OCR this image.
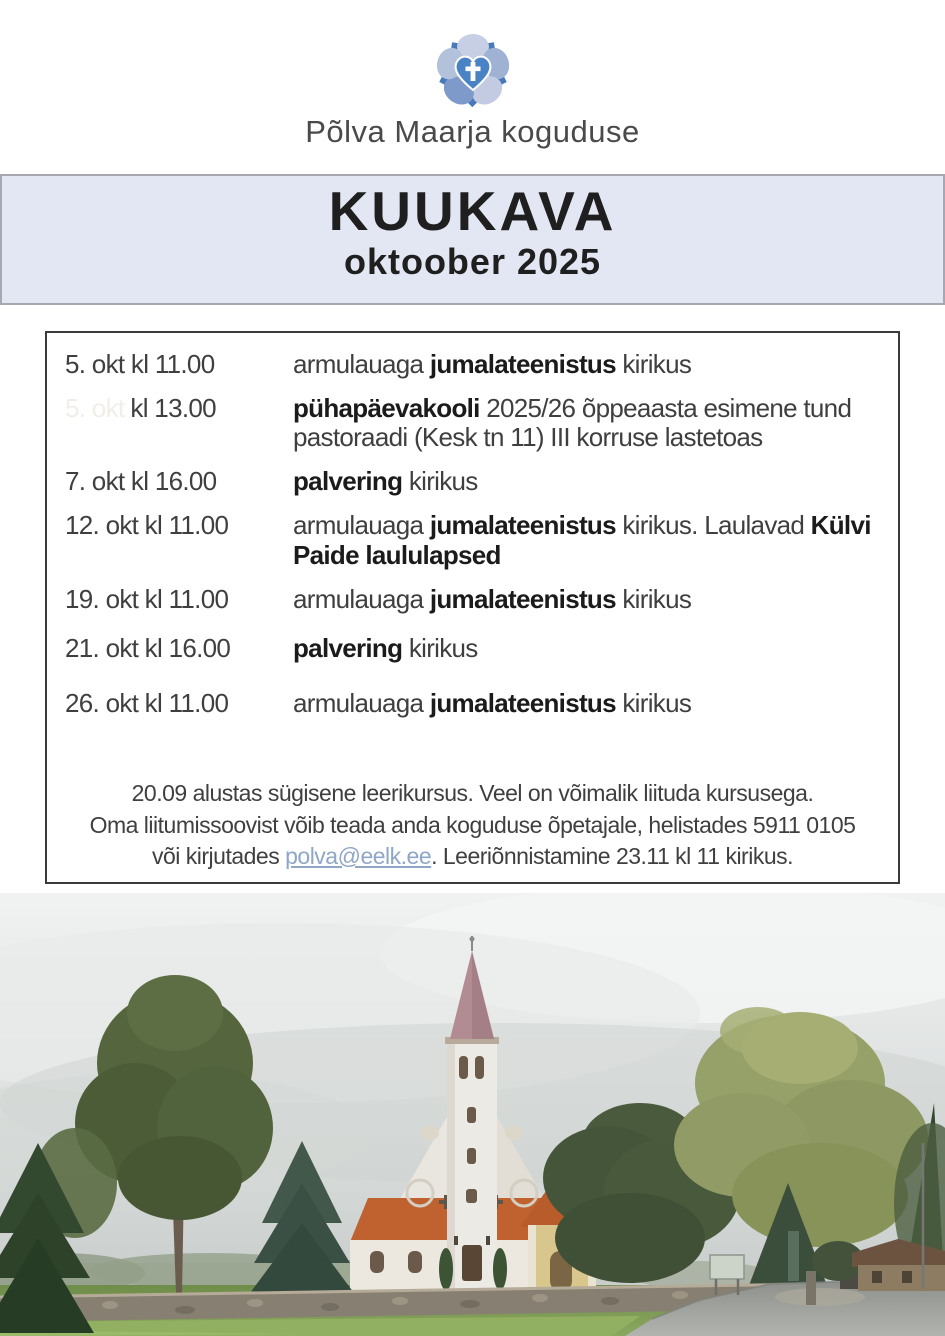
Põlva Maarja koguduse
KUUKAVA
oktoober 2025
5. okt kl 11.00	armulauaga jumalateenistus kirikus
5. okt kl 13.00	pühapäevakooli 2025/26 õppeaasta esimene tund pastoraadi (Kesk tn 11) III korruse lastetoas
7. okt kl 16.00	palvering kirikus
12. okt kl 11.00	armulauaga jumalateenistus kirikus. Laulavad Külvi Paide laululapsed
19. okt kl 11.00	armulauaga jumalateenistus kirikus
21. okt kl 16.00	palvering kirikus
26. okt kl 11.00	armulauaga jumalateenistus kirikus
20.09 alustas sügisene leerikursus. Veel on võimalik liituda kursusega.
Oma liitumissoovist võib teada anda koguduse õpetajale, helistades 5911 0105
või kirjutades polva@eelk.ee. Leeriõnnistamine 23.11 kl 11 kirikus.
